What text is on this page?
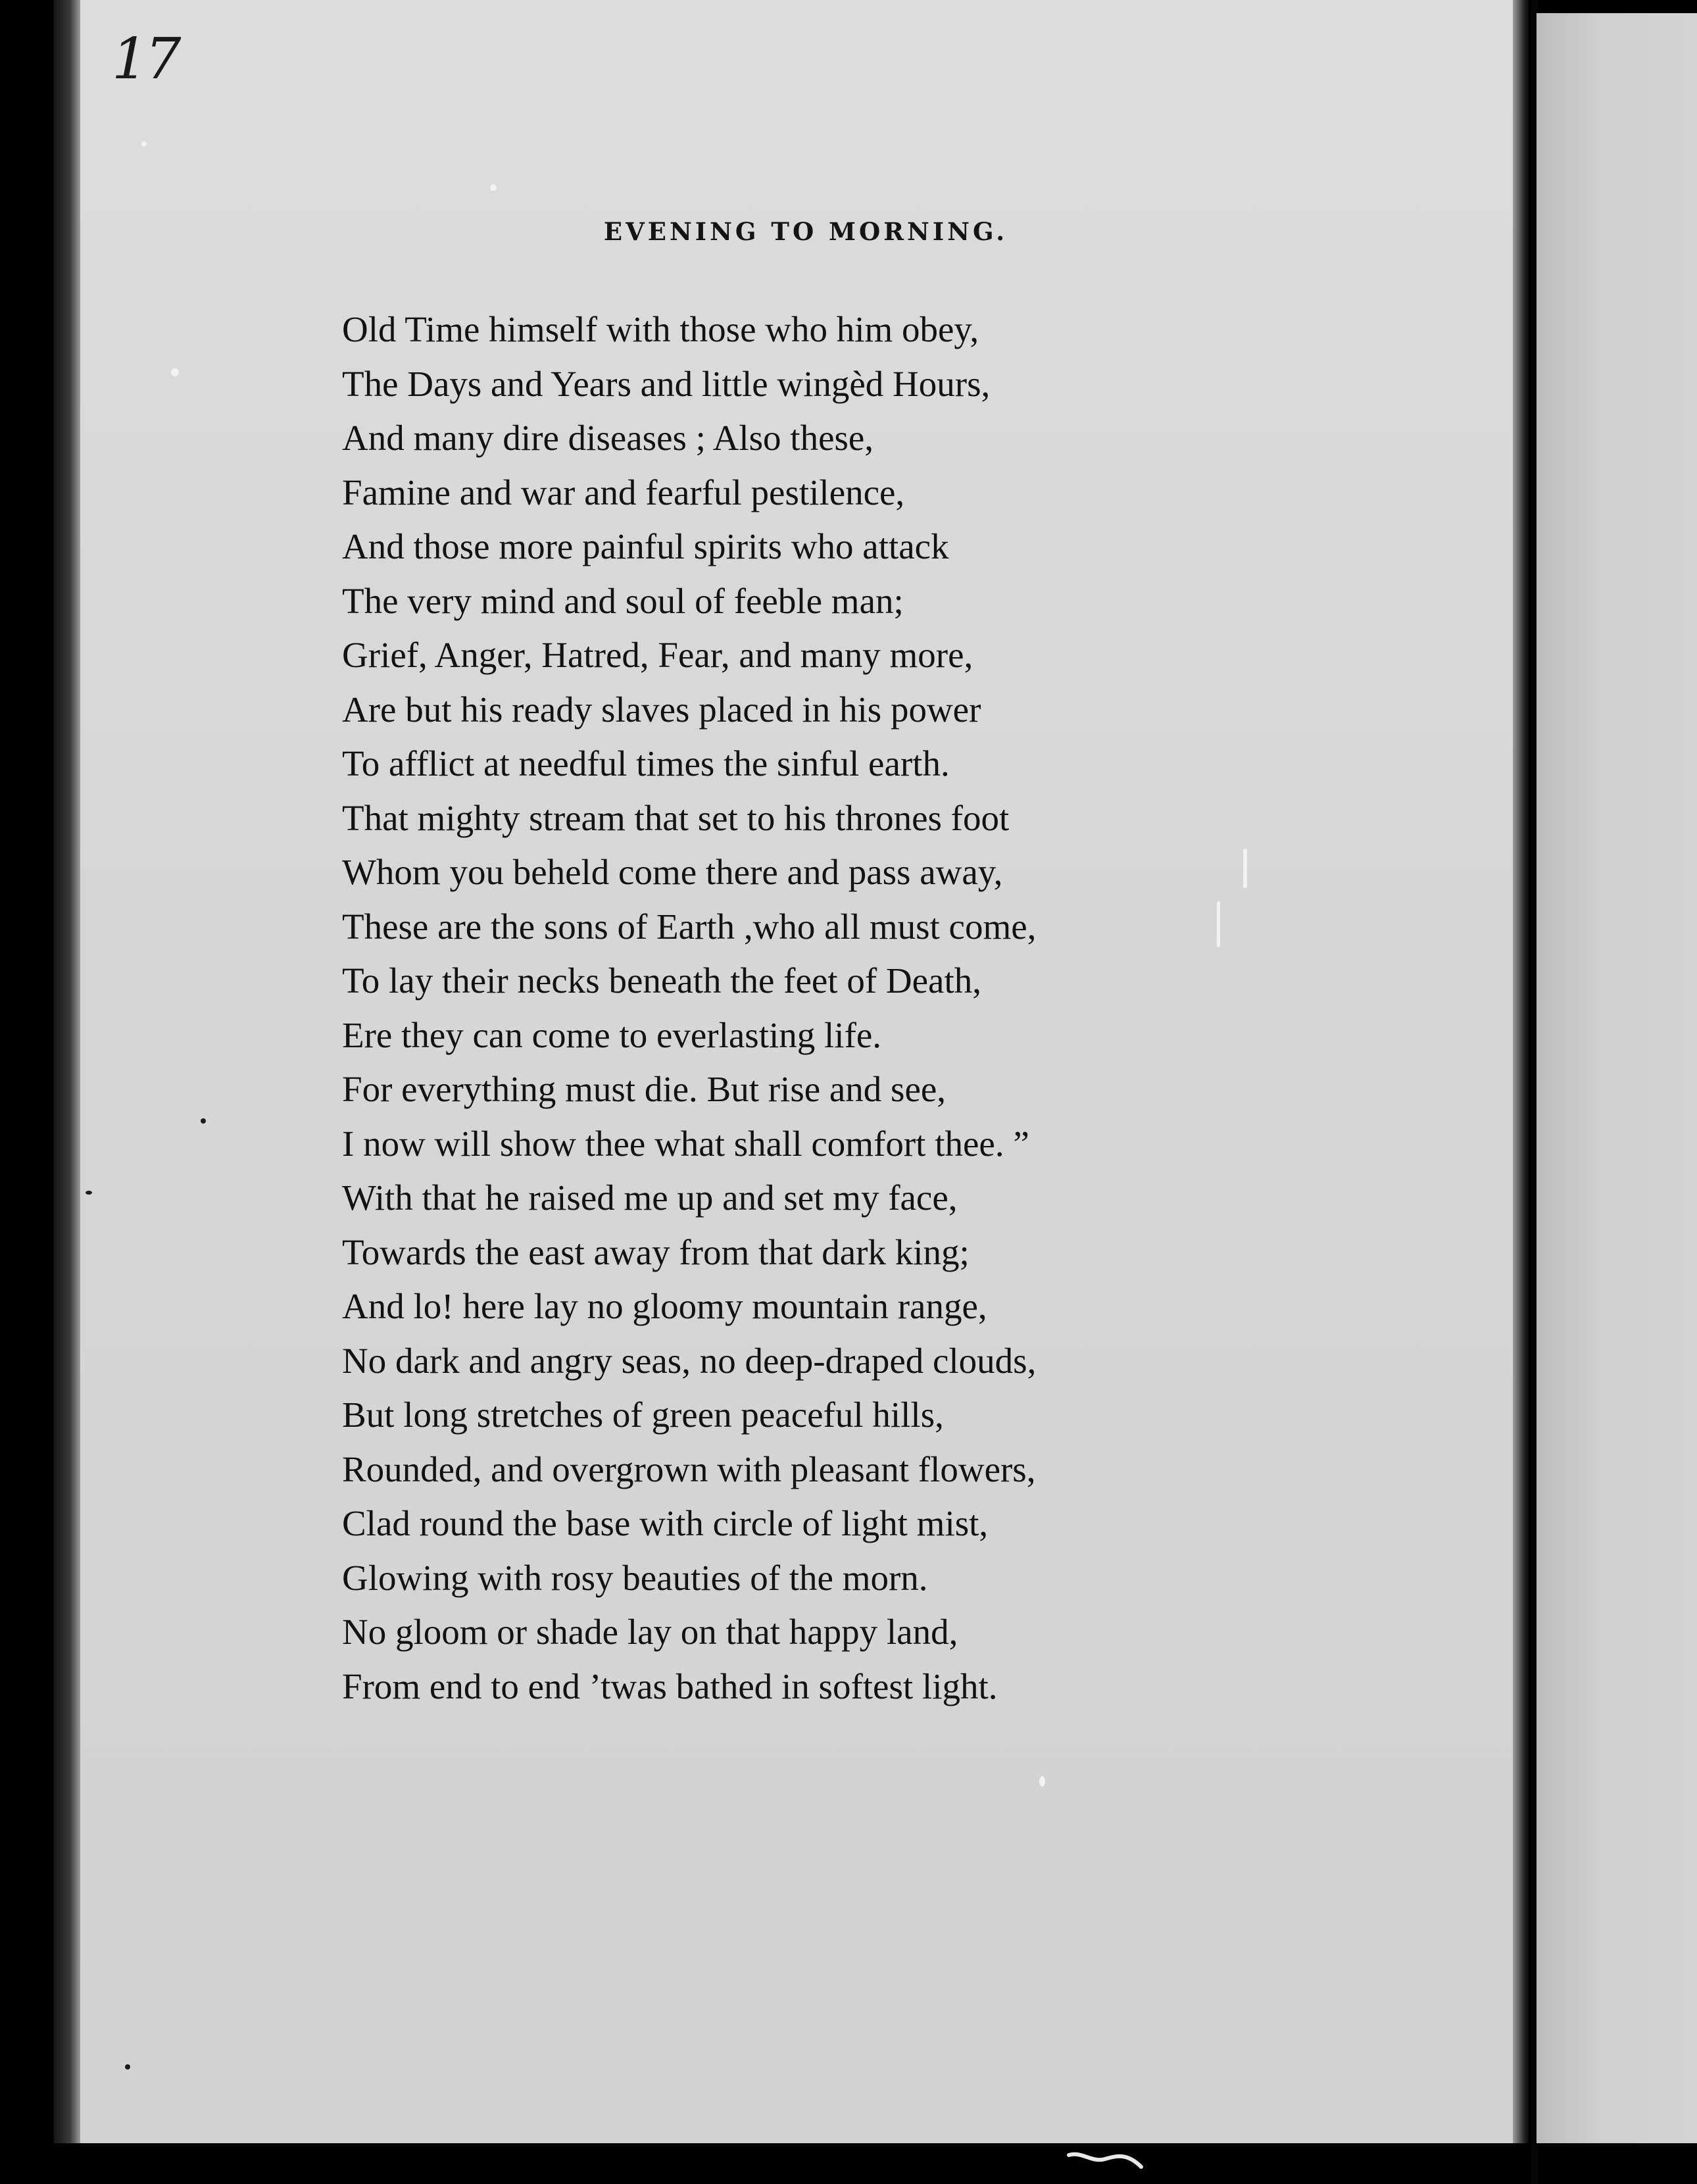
17
EVENING TO MORNING.
Old Time himself with those who him obey,
The Days and Years and little wingèd Hours,
And many dire diseases ; Also these,
Famine and war and fearful pestilence,
And those more painful spirits who attack
The very mind and soul of feeble man;
Grief, Anger, Hatred, Fear, and many more,
Are but his ready slaves placed in his power
To afflict at needful times the sinful earth.
That mighty stream that set to his thrones foot
Whom you beheld come there and pass away,
These are the sons of Earth ,who all must come,
To lay their necks beneath the feet of Death,
Ere they can come to everlasting life.
For everything must die. But rise and see,
I now will show thee what shall comfort thee. ”
With that he raised me up and set my face,
Towards the east away from that dark king;
And lo! here lay no gloomy mountain range,
No dark and angry seas, no deep-draped clouds,
But long stretches of green peaceful hills,
Rounded, and overgrown with pleasant flowers,
Clad round the base with circle of light mist,
Glowing with rosy beauties of the morn.
No gloom or shade lay on that happy land,
From end to end ’twas bathed in softest light.
